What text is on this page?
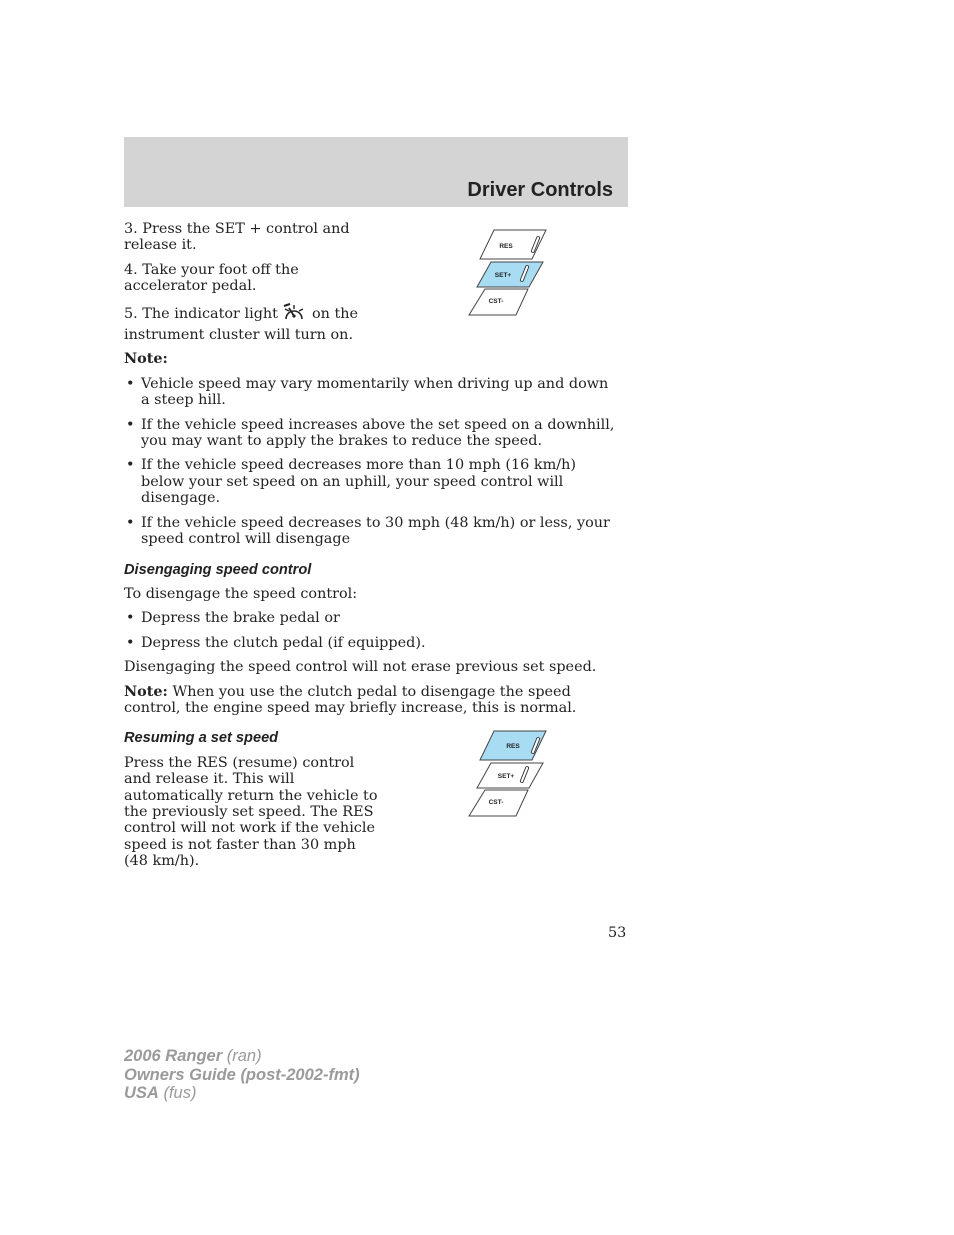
Driver Controls
RES
SET+
CST-
RES
SET+
CST-

3. Press the SET + control and release it.

4. Take your foot off the accelerator pedal.

5. The indicator light on the instrument cluster will turn on.

Note:

• Vehicle speed may vary momentarily when driving up and down a steep hill.
• If the vehicle speed increases above the set speed on a downhill, you may want to apply the brakes to reduce the speed.
• If the vehicle speed decreases more than 10 mph (16 km/h) below your set speed on an uphill, your speed control will disengage.
• If the vehicle speed decreases to 30 mph (48 km/h) or less, your speed control will disengage
Disengaging speed control

To disengage the speed control:

• Depress the brake pedal or
• Depress the clutch pedal (if equipped).

Disengaging the speed control will not erase previous set speed.

Note: When you use the clutch pedal to disengage the speed control, the engine speed may briefly increase, this is normal.

Resuming a set speed

Press the RES (resume) control and release it. This will automatically return the vehicle to the previously set speed. The RES control will not work if the vehicle speed is not faster than 30 mph (48 km/h).

53
2006 Ranger (ran)
Owners Guide (post-2002-fmt)
USA (fus)
